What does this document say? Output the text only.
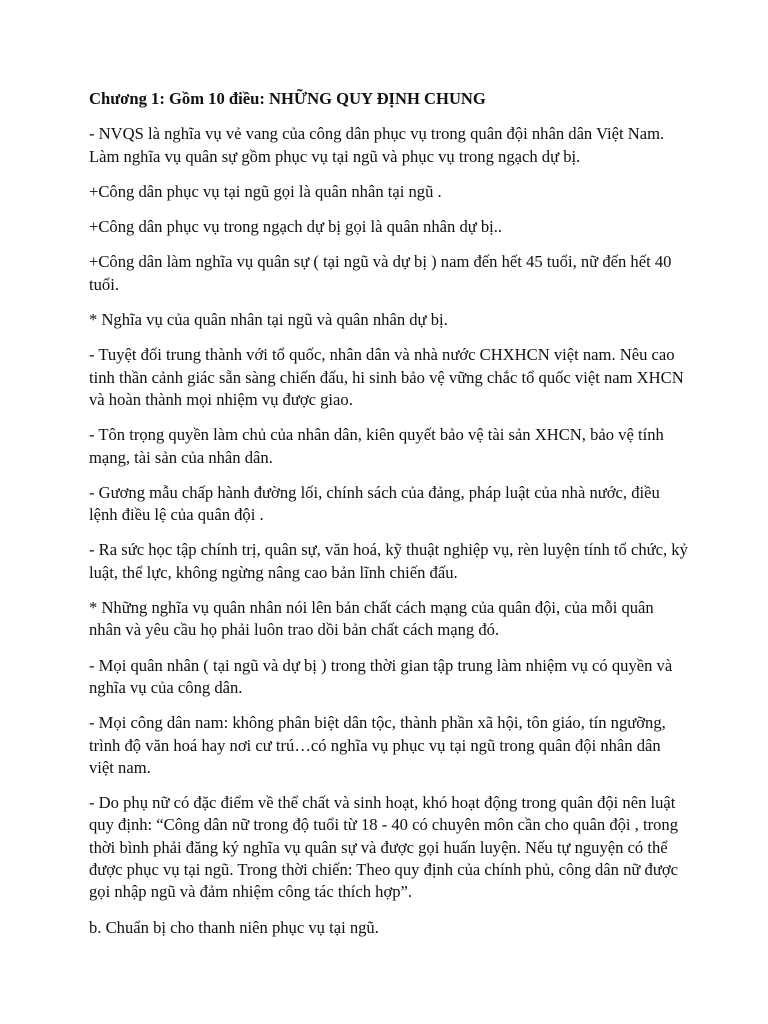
Chương 1: Gồm 10 điều: NHỮNG QUY ĐỊNH CHUNG

- NVQS là nghĩa vụ vẻ vang của công dân phục vụ trong quân đội nhân dân Việt Nam. Làm nghĩa vụ quân sự gồm phục vụ tại ngũ và phục vụ trong ngạch dự bị.

+Công dân phục vụ tại ngũ gọi là quân nhân tại ngũ .

+Công dân phục vụ trong ngạch dự bị gọi là quân nhân dự bị..

+Công dân làm nghĩa vụ quân sự ( tại ngũ và dự bị ) nam đến hết 45 tuổi, nữ đến hết 40 tuổi.

* Nghĩa vụ của quân nhân tại ngũ và quân nhân dự bị.

- Tuyệt đối trung thành với tổ quốc, nhân dân và nhà nước CHXHCN việt nam. Nêu cao tinh thần cảnh giác sẵn sàng chiến đấu, hi sinh bảo vệ vững chắc tổ quốc việt nam XHCN và hoàn thành mọi nhiệm vụ được giao.

- Tôn trọng quyền làm chủ của nhân dân, kiên quyết bảo vệ tài sản XHCN, bảo vệ tính mạng, tài sản của nhân dân.

- Gương mẫu chấp hành đường lối, chính sách của đảng, pháp luật của nhà nước, điều lệnh điều lệ của quân đội .

- Ra sức học tập chính trị, quân sự, văn hoá, kỹ thuật nghiệp vụ, rèn luyện tính tổ chức, kỷ luật, thể lực, không ngừng nâng cao bản lĩnh chiến đấu.

* Những nghĩa vụ quân nhân nói lên bản chất cách mạng của quân đội, của mỗi quân nhân và yêu cầu họ phải luôn trao dồi bản chất cách mạng đó.

- Mọi quân nhân ( tại ngũ và dự bị ) trong thời gian tập trung làm nhiệm vụ có quyền và nghĩa vụ của công dân.

- Mọi công dân nam: không phân biệt dân tộc, thành phần xã hội, tôn giáo, tín ngưỡng, trình độ văn hoá hay nơi cư trú…có nghĩa vụ phục vụ tại ngũ trong quân đội nhân dân việt nam.

- Do phụ nữ có đặc điểm về thể chất và sinh hoạt, khó hoạt động trong quân đội nên luật quy định: “Công dân nữ trong độ tuổi từ 18 - 40 có chuyên môn cần cho quân đội , trong thời bình phải đăng ký nghĩa vụ quân sự và được gọi huấn luyện. Nếu tự nguyện có thể được phục vụ tại ngũ. Trong thời chiến: Theo quy định của chính phủ, công dân nữ được gọi nhập ngũ và đảm nhiệm công tác thích hợp”.

b. Chuẩn bị cho thanh niên phục vụ tại ngũ.
